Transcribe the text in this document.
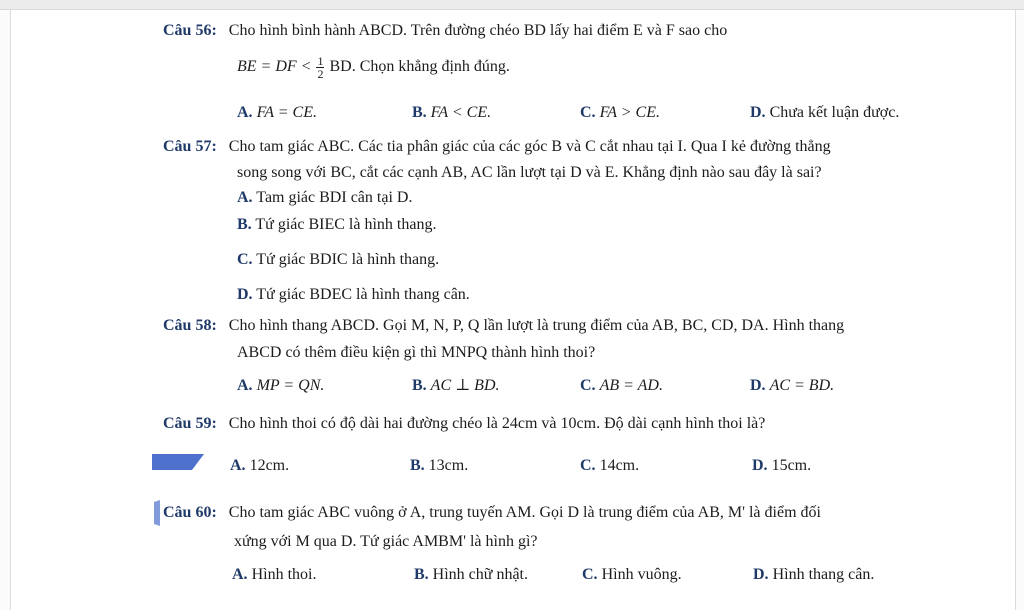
Câu 56: Cho hình bình hành ABCD. Trên đường chéo BD lấy hai điểm E và F sao cho
BE = DF < $\frac{1}{2}$ BD. Chọn khẳng định đúng.
A. FA = CE.	B. FA < CE.	C. FA > CE.	D. Chưa kết luận được.
Câu 57: Cho tam giác ABC. Các tia phân giác của các góc B và C cắt nhau tại I. Qua I kẻ đường thẳng
song song với BC, cắt các cạnh AB, AC lần lượt tại D và E. Khẳng định nào sau đây là sai?
A. Tam giác BDI cân tại D.
B. Tứ giác BIEC là hình thang.
C. Tứ giác BDIC là hình thang.
D. Tứ giác BDEC là hình thang cân.
Câu 58: Cho hình thang ABCD. Gọi M, N, P, Q lần lượt là trung điểm của AB, BC, CD, DA. Hình thang
ABCD có thêm điều kiện gì thì MNPQ thành hình thoi?
A. MP = QN.	B. AC ⊥ BD.	C. AB = AD.	D. AC = BD.
Câu 59: Cho hình thoi có độ dài hai đường chéo là 24cm và 10cm. Độ dài cạnh hình thoi là?
A. 12cm.	B. 13cm.	C. 14cm.	D. 15cm.
Câu 60: Cho tam giác ABC vuông ở A, trung tuyến AM. Gọi D là trung điểm của AB, M' là điểm đối
xứng với M qua D. Tứ giác AMBM' là hình gì?
A. Hình thoi.	B. Hình chữ nhật.	C. Hình vuông.	D. Hình thang cân.
